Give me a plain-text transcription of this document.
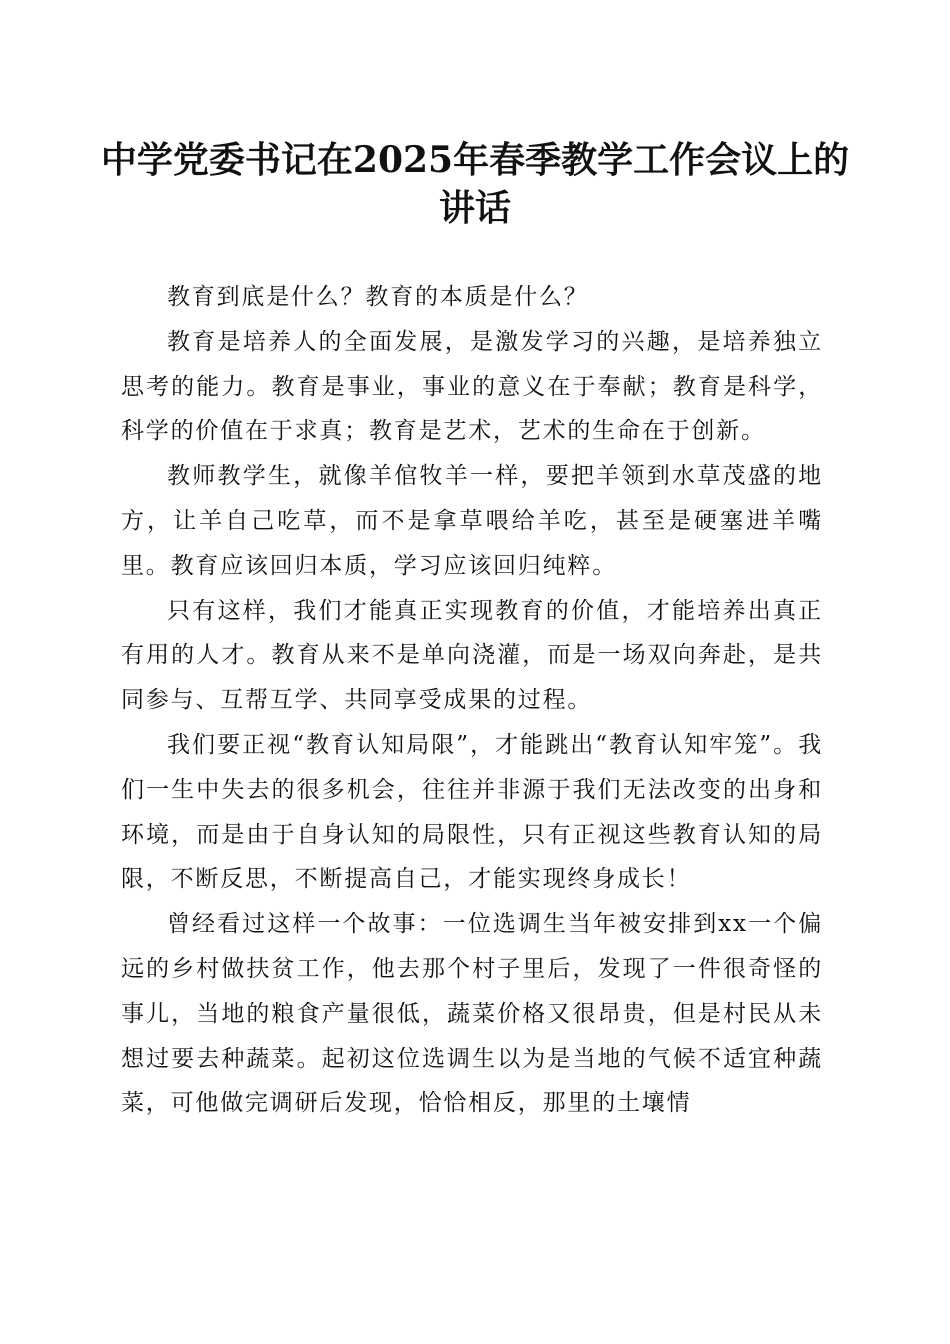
中学党委书记在2025年春季教学工作会议上的讲话

教育到底是什么？教育的本质是什么？

教育是培养人的全面发展，是激发学习的兴趣，是培养独立思考的能力。教育是事业，事业的意义在于奉献；教育是科学，科学的价值在于求真；教育是艺术，艺术的生命在于创新。

教师教学生，就像羊倌牧羊一样，要把羊领到水草茂盛的地方，让羊自己吃草，而不是拿草喂给羊吃，甚至是硬塞进羊嘴里。教育应该回归本质，学习应该回归纯粹。

只有这样，我们才能真正实现教育的价值，才能培养出真正有用的人才。教育从来不是单向浇灌，而是一场双向奔赴，是共同参与、互帮互学、共同享受成果的过程。

我们要正视“教育认知局限”，才能跳出“教育认知牢笼”。我们一生中失去的很多机会，往往并非源于我们无法改变的出身和环境，而是由于自身认知的局限性，只有正视这些教育认知的局限，不断反思，不断提高自己，才能实现终身成长！

曾经看过这样一个故事：一位选调生当年被安排到xx一个偏远的乡村做扶贫工作，他去那个村子里后，发现了一件很奇怪的事儿，当地的粮食产量很低，蔬菜价格又很昂贵，但是村民从未想过要去种蔬菜。起初这位选调生以为是当地的气候不适宜种蔬菜，可他做完调研后发现，恰恰相反，那里的土壤情
